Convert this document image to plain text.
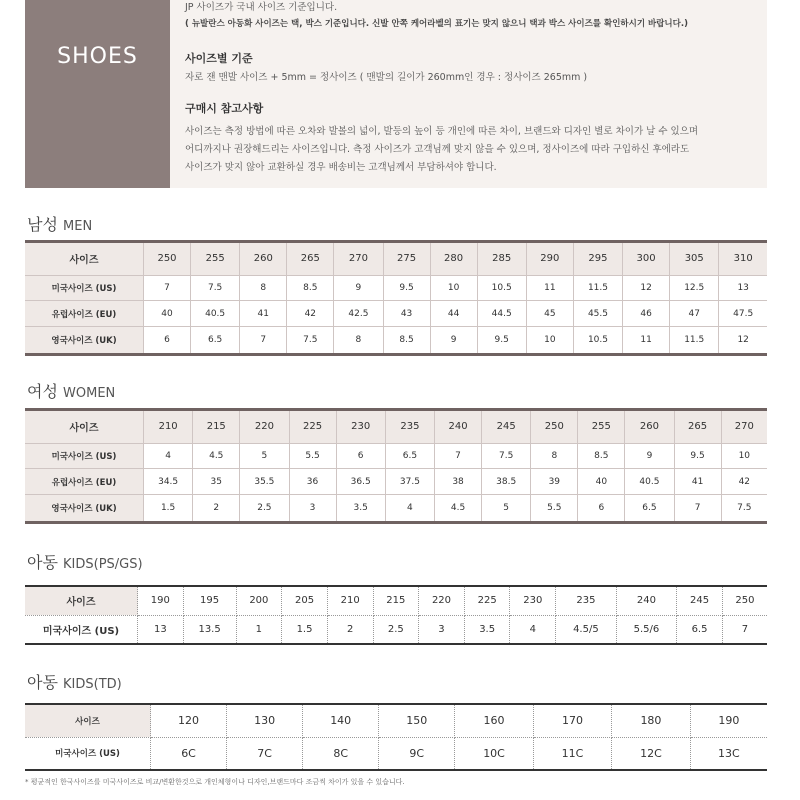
SHOES
JP 사이즈가 국내 사이즈 기준입니다.
( 뉴발란스 아동화 사이즈는 택, 박스 기준입니다. 신발 안쪽 케어라벨의 표기는 맞지 않으니 택과 박스 사이즈를 확인하시기 바랍니다.)
사이즈별 기준
자로 잰 맨발 사이즈 + 5mm = 정사이즈 ( 맨발의 길이가 260mm인 경우 : 정사이즈 265mm )
구매시 참고사항
사이즈는 측정 방법에 따른 오차와 발볼의 넓이, 발등의 높이 등 개인에 따른 차이, 브랜드와 디자인 별로 차이가 날 수 있으며
어디까지나 권장해드리는 사이즈입니다. 측정 사이즈가 고객님께 맞지 않을 수 있으며, 정사이즈에 따라 구입하신 후에라도
사이즈가 맞지 않아 교환하실 경우 배송비는 고객님께서 부담하셔야 합니다.
남성 MEN
사이즈	250	255	260	265	270	275	280	285	290	295	300	305	310
미국사이즈 (US)	7	7.5	8	8.5	9	9.5	10	10.5	11	11.5	12	12.5	13
유럽사이즈 (EU)	40	40.5	41	42	42.5	43	44	44.5	45	45.5	46	47	47.5
영국사이즈 (UK)	6	6.5	7	7.5	8	8.5	9	9.5	10	10.5	11	11.5	12
여성 WOMEN
사이즈	210	215	220	225	230	235	240	245	250	255	260	265	270
미국사이즈 (US)	4	4.5	5	5.5	6	6.5	7	7.5	8	8.5	9	9.5	10
유럽사이즈 (EU)	34.5	35	35.5	36	36.5	37.5	38	38.5	39	40	40.5	41	42
영국사이즈 (UK)	1.5	2	2.5	3	3.5	4	4.5	5	5.5	6	6.5	7	7.5
아동 KIDS(PS/GS)
사이즈	190	195	200	205	210	215	220	225	230	235	240	245	250
미국사이즈 (US)	13	13.5	1	1.5	2	2.5	3	3.5	4	4.5/5	5.5/6	6.5	7
아동 KIDS(TD)
사이즈	120	130	140	150	160	170	180	190
미국사이즈 (US)	6C	7C	8C	9C	10C	11C	12C	13C
* 평균적인 한국사이즈를 미국사이즈로 비교/변환한것으로 개인체형이나 디자인,브랜드마다 조금씩 차이가 있을 수 있습니다.
